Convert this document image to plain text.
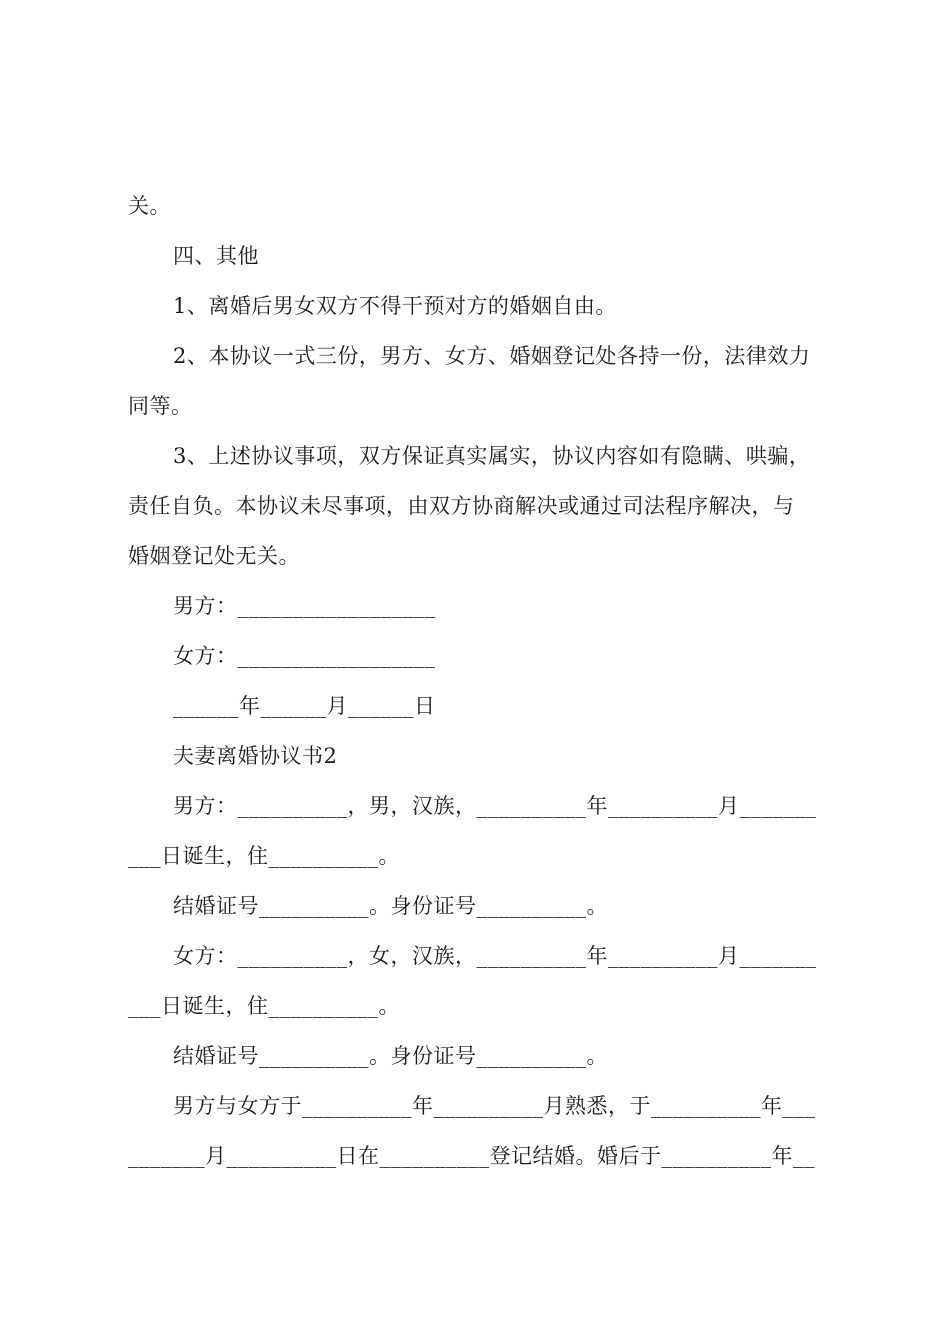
关。
四、其他
1、离婚后男女双方不得干预对方的婚姻自由。
2、本协议一式三份，男方、女方、婚姻登记处各持一份，法律效力
同等。
3、上述协议事项，双方保证真实属实，协议内容如有隐瞒、哄骗，
责任自负。本协议未尽事项，由双方协商解决或通过司法程序解决，与
婚姻登记处无关。
男方：__________________
女方：__________________
______年______月______日
夫妻离婚协议书2
男方：__________，男，汉族，__________年__________月_______
___日诞生，住__________。
结婚证号__________。身份证号__________。
女方：__________，女，汉族，__________年__________月_______
___日诞生，住__________。
结婚证号__________。身份证号__________。
男方与女方于__________年__________月熟悉，于__________年___
_______月__________日在__________登记结婚。婚后于__________年__
